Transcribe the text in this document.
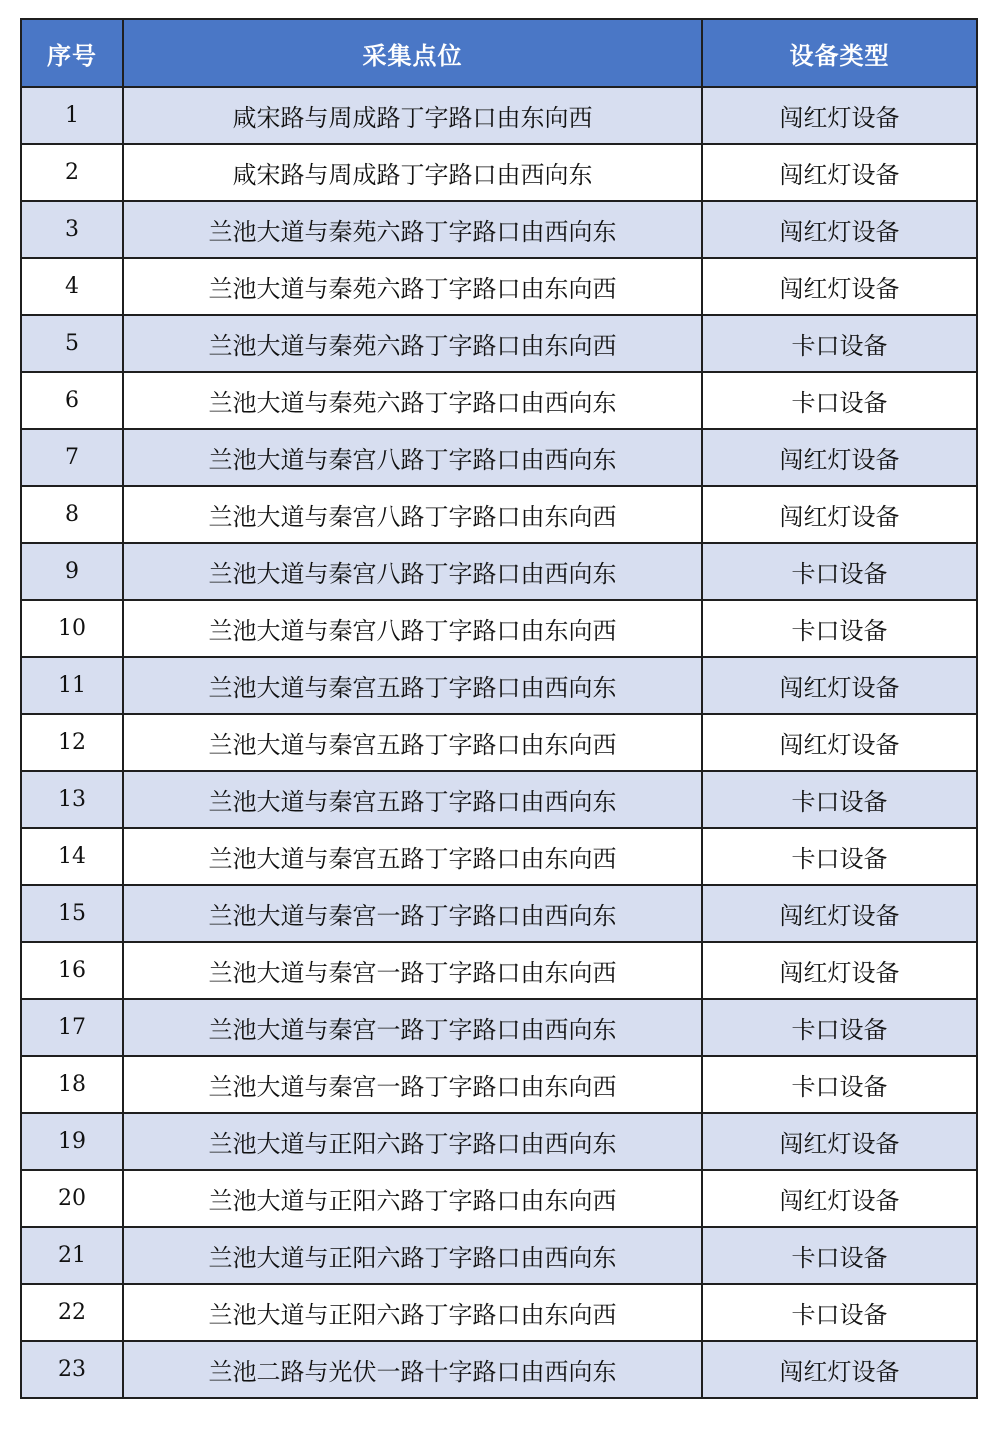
序号	采集点位	设备类型
1	咸宋路与周成路丁字路口由东向西	闯红灯设备
2	咸宋路与周成路丁字路口由西向东	闯红灯设备
3	兰池大道与秦苑六路丁字路口由西向东	闯红灯设备
4	兰池大道与秦苑六路丁字路口由东向西	闯红灯设备
5	兰池大道与秦苑六路丁字路口由东向西	卡口设备
6	兰池大道与秦苑六路丁字路口由西向东	卡口设备
7	兰池大道与秦宫八路丁字路口由西向东	闯红灯设备
8	兰池大道与秦宫八路丁字路口由东向西	闯红灯设备
9	兰池大道与秦宫八路丁字路口由西向东	卡口设备
10	兰池大道与秦宫八路丁字路口由东向西	卡口设备
11	兰池大道与秦宫五路丁字路口由西向东	闯红灯设备
12	兰池大道与秦宫五路丁字路口由东向西	闯红灯设备
13	兰池大道与秦宫五路丁字路口由西向东	卡口设备
14	兰池大道与秦宫五路丁字路口由东向西	卡口设备
15	兰池大道与秦宫一路丁字路口由西向东	闯红灯设备
16	兰池大道与秦宫一路丁字路口由东向西	闯红灯设备
17	兰池大道与秦宫一路丁字路口由西向东	卡口设备
18	兰池大道与秦宫一路丁字路口由东向西	卡口设备
19	兰池大道与正阳六路丁字路口由西向东	闯红灯设备
20	兰池大道与正阳六路丁字路口由东向西	闯红灯设备
21	兰池大道与正阳六路丁字路口由西向东	卡口设备
22	兰池大道与正阳六路丁字路口由东向西	卡口设备
23	兰池二路与光伏一路十字路口由西向东	闯红灯设备
